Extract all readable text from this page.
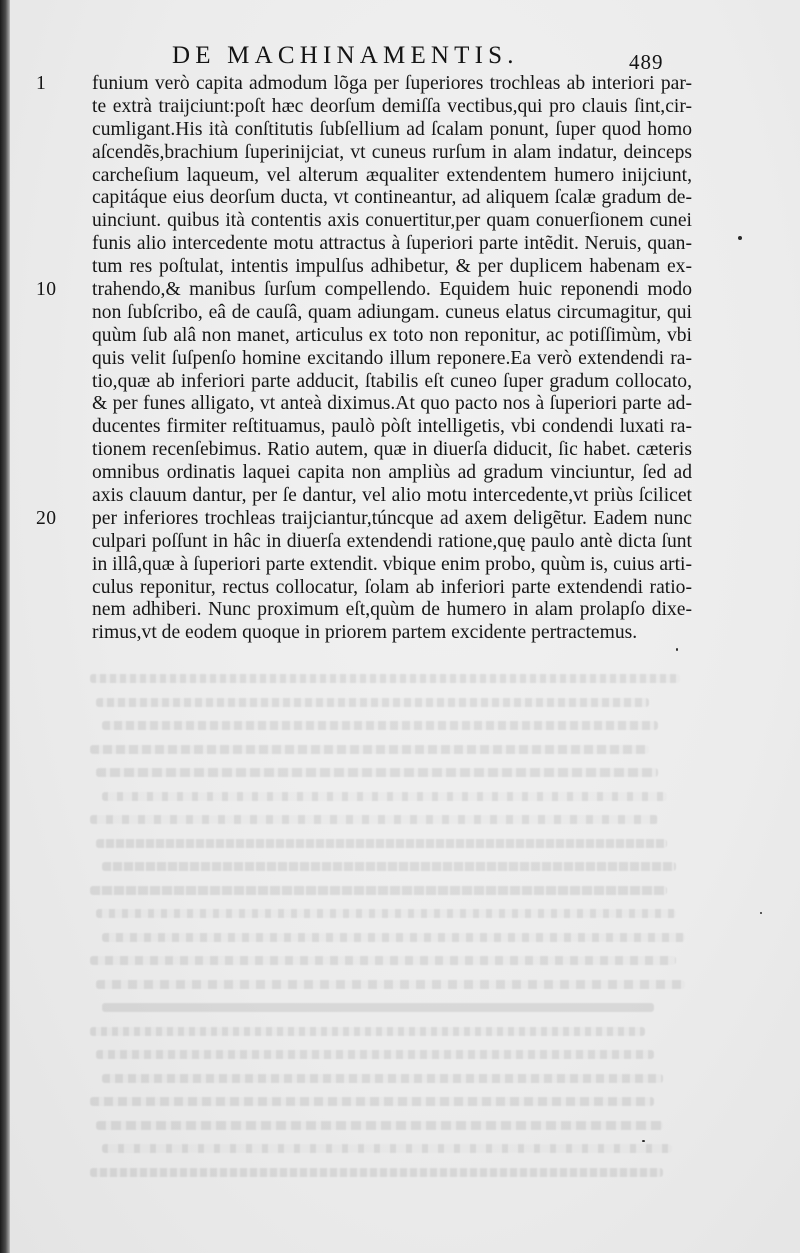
DE MACHINAMENTIS.	489
1	funium verò capita admodum lõga per ſuperiores trochleas ab interiori par-
te extrà traijciunt:poſt hæc deorſum demiſſa vectibus,qui pro clauis ſint,cir-
cumligant.His ità conſtitutis ſubſellium ad ſcalam ponunt, ſuper quod homo
aſcendẽs,brachium ſuperinijciat, vt cuneus rurſum in alam indatur, deinceps
carcheſium laqueum, vel alterum æqualiter extendentem humero inijciunt,
capitáque eius deorſum ducta, vt contineantur, ad aliquem ſcalæ gradum de-
uinciunt. quibus ità contentis axis conuertitur,per quam conuerſionem cunei
funis alio intercedente motu attractus à ſuperiori parte intẽdit. Neruis, quan-
tum res poſtulat, intentis impulſus adhibetur, & per duplicem habenam ex-
10	trahendo,& manibus ſurſum compellendo. Equidem huic reponendi modo
non ſubſcribo, eâ de cauſâ, quam adiungam. cuneus elatus circumagitur, qui
quùm ſub alâ non manet, articulus ex toto non reponitur, ac potiſſimùm, vbi
quis velit ſuſpenſo homine excitando illum reponere.Ea verò extendendi ra-
tio,quæ ab inferiori parte adducit, ſtabilis eſt cuneo ſuper gradum collocato,
& per funes alligato, vt anteà diximus.At quo pacto nos à ſuperiori parte ad-
ducentes firmiter reſtituamus, paulò pòſt intelligetis, vbi condendi luxati ra-
tionem recenſebimus. Ratio autem, quæ in diuerſa diducit, ſic habet. cæteris
omnibus ordinatis laquei capita non ampliùs ad gradum vinciuntur, ſed ad
axis clauum dantur, per ſe dantur, vel alio motu intercedente,vt priùs ſcilicet
20	per inferiores trochleas traijciantur,túncque ad axem deligẽtur. Eadem nunc
culpari poſſunt in hâc in diuerſa extendendi ratione,quę paulo antè dicta ſunt
in illâ,quæ à ſuperiori parte extendit. vbique enim probo, quùm is, cuius arti-
culus reponitur, rectus collocatur, ſolam ab inferiori parte extendendi ratio-
nem adhiberi. Nunc proximum eſt,quùm de humero in alam prolapſo dixe-
rimus,vt de eodem quoque in priorem partem excidente pertractemus.
